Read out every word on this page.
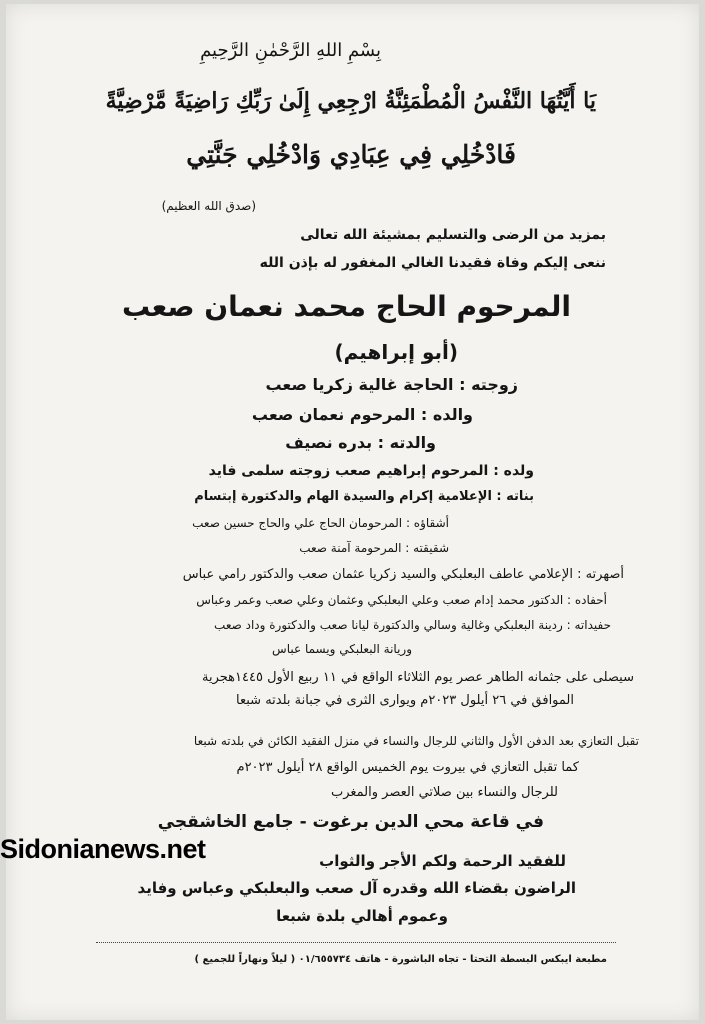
بِسْمِ اللهِ الرَّحْمٰنِ الرَّحِيمِ
يَا أَيَّتُهَا النَّفْسُ الْمُطْمَئِنَّةُ ارْجِعِي إِلَىٰ رَبِّكِ رَاضِيَةً مَّرْضِيَّةً
فَادْخُلِي فِي عِبَادِي وَادْخُلِي جَنَّتِي
(صدق الله العظيم)
بمزيد من الرضى والتسليم بمشيئة الله تعالى
ننعى إليكم وفاة فقيدنا الغالي المغفور له بإذن الله
المرحوم الحاج محمد نعمان صعب
(أبو إبراهيم)
زوجته : الحاجة غالية زكريا صعب
والده : المرحوم نعمان صعب
والدته : بدره نصيف
ولده : المرحوم إبراهيم صعب زوجته سلمى فايد
بناته : الإعلامية إكرام والسيدة الهام والدكتورة إبتسام
أشقاؤه : المرحومان الحاج علي والحاج حسين صعب
شقيقته : المرحومة آمنة صعب
أصهرته : الإعلامي عاطف البعلبكي والسيد زكريا عثمان صعب والدكتور رامي عباس
أحفاده : الدكتور محمد إدام صعب وعلي البعلبكي وعثمان وعلي صعب وعمر وعباس
حفيداته : ردينة البعلبكي وغالية وسالي والدكتورة ليانا صعب والدكتورة وداد صعب
وريانة البعلبكي ويسما عباس
سيصلى على جثمانه الطاهر عصر يوم الثلاثاء الواقع في ١١ ربيع الأول ١٤٤٥هجرية
الموافق في ٢٦ أيلول ٢٠٢٣م ويوارى الثرى في جبانة بلدته شبعا
تقبل التعازي بعد الدفن الأول والثاني للرجال والنساء في منزل الفقيد الكائن في بلدته شبعا
كما تقبل التعازي في بيروت يوم الخميس الواقع ٢٨ أيلول ٢٠٢٣م
للرجال والنساء بين صلاتي العصر والمغرب
في قاعة محي الدين برغوت - جامع الخاشقجي
للفقيد الرحمة ولكم الأجر والثواب
الراضون بقضاء الله وقدره آل صعب والبعلبكي وعباس وفايد
وعموم أهالي بلدة شبعا
مطبعة ايبكس البسطة التحتا - تجاه الباشورة - هاتف ٠١/٦٥٥٧٣٤ ( ليلاً ونهاراً للجميع )
Sidonianews.net
